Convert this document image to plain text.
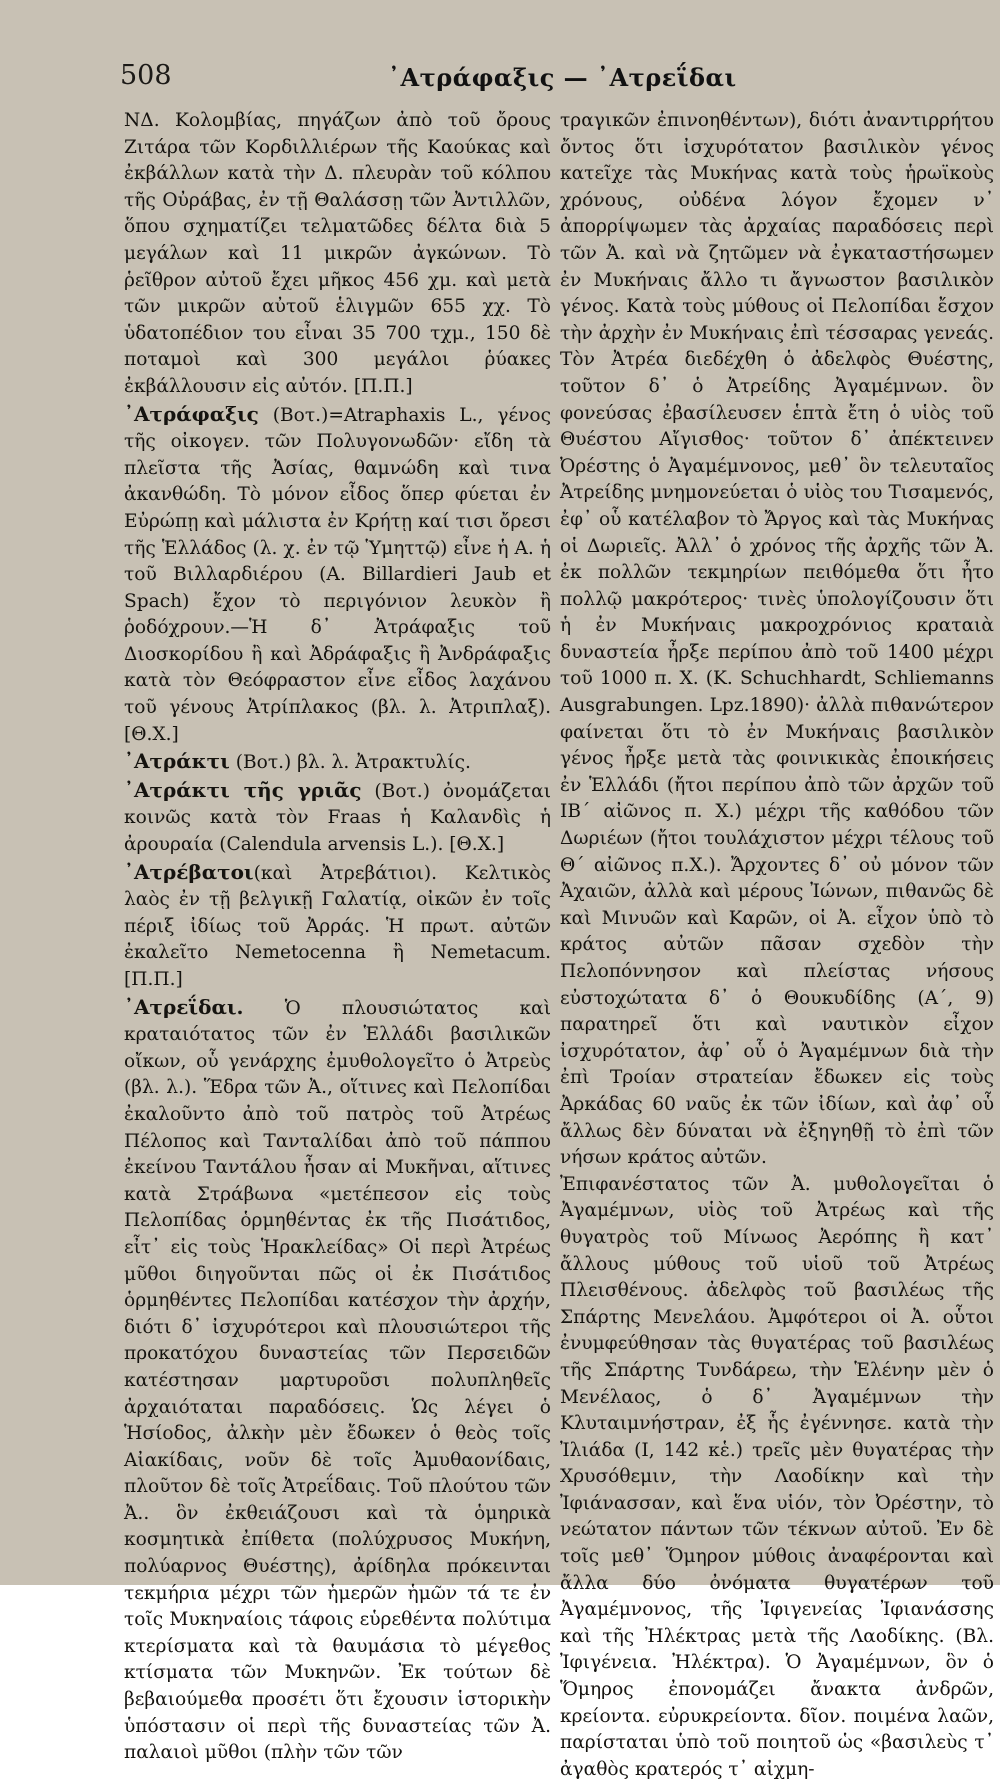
508	᾿Ατράφαξις — ᾿Ατρεΐδαι

ΝΔ. Κολομβίας, πηγάζων ἀπὸ τοῦ ὄρους Ζιτάρα τῶν Κορδιλλιέρων τῆς Καούκας καὶ ἐκβάλλων κατὰ τὴν Δ. πλευρὰν τοῦ κόλπου τῆς Οὐράβας, ἐν τῇ Θαλάσσῃ τῶν Ἀντιλλῶν, ὅπου σχηματίζει τελματῶδες δέλτα διὰ 5 μεγάλων καὶ 11 μικρῶν ἀγκώνων. Τὸ ῥεῖθρον αὐτοῦ ἔχει μῆκος 456 χμ. καὶ μετὰ τῶν μικρῶν αὐτοῦ ἑλιγμῶν 655 χχ. Τὸ ὑδατοπέδιον του εἶναι 35 700 τχμ., 150 δὲ ποταμοὶ καὶ 300 μεγάλοι ῥύακες ἐκβάλλουσιν εἰς αὐτόν. [Π.Π.]

᾿Ατράφαξις (Βοτ.)=Atraphaxis L., γένος τῆς οἰκογεν. τῶν Πολυγονωδῶν· εἴδη τὰ πλεῖστα τῆς Ἀσίας, θαμνώδη καὶ τινα ἀκανθώδη. Τὸ μόνον εἶδος ὅπερ φύεται ἐν Εὐρώπῃ καὶ μάλιστα ἐν Κρήτῃ καί τισι ὄρεσι τῆς Ἑλλάδος (λ. χ. ἐν τῷ Ὑμηττῷ) εἶνε ἡ Α. ἡ τοῦ Βιλλαρδιέρου (A. Billardieri Jaub et Spach) ἔχον τὸ περιγόνιον λευκὸν ἢ ῥοδόχρουν.—Ἡ δ᾽ Ἀτράφαξις τοῦ Διοσκορίδου ἢ καὶ Ἀδράφαξις ἢ Ἀνδράφαξις κατὰ τὸν Θεόφραστον εἶνε εἶδος λαχάνου τοῦ γένους Ἀτρίπλακος (βλ. λ. Ἀτριπλαξ). [Θ.Χ.]

᾿Ατράκτι (Βοτ.) βλ. λ. Ἀτρακτυλίς.

᾿Ατράκτι τῆς γριᾶς (Βοτ.) ὀνομάζεται κοινῶς κατὰ τὸν Fraas ἡ Καλανδὶς ἡ ἀρουραία (Calendula arvensis L.). [Θ.Χ.]

᾿Ατρέβατοι(καὶ Ἀτρεβάτιοι). Κελτικὸς λαὸς ἐν τῇ βελγικῇ Γαλατίᾳ, οἰκῶν ἐν τοῖς πέριξ ἰδίως τοῦ Ἀρράς. Ἡ πρωτ. αὐτῶν ἐκαλεῖτο Nemetocenna ἢ Nemetacum. [Π.Π.]

᾿Ατρεΐδαι. Ὁ πλουσιώτατος καὶ κραταιότατος τῶν ἐν Ἑλλάδι βασιλικῶν οἴκων, οὗ γενάρχης ἐμυθολογεῖτο ὁ Ἀτρεὺς (βλ. λ.). Ἕδρα τῶν Ἀ., οἵτινες καὶ Πελοπίδαι ἐκαλοῦντο ἀπὸ τοῦ πατρὸς τοῦ Ἀτρέως Πέλοπος καὶ Τανταλίδαι ἀπὸ τοῦ πάππου ἐκείνου Ταντάλου ἦσαν αἱ Μυκῆναι, αἵτινες κατὰ Στράβωνα «μετέπεσον εἰς τοὺς Πελοπίδας ὁρμηθέντας ἐκ τῆς Πισάτιδος, εἶτ᾽ εἰς τοὺς Ἡρακλείδας» Οἱ περὶ Ἀτρέως μῦθοι διηγοῦνται πῶς οἱ ἐκ Πισάτιδος ὁρμηθέντες Πελοπίδαι κατέσχον τὴν ἀρχήν, διότι δ᾽ ἰσχυρότεροι καὶ πλουσιώτεροι τῆς προκατόχου δυναστείας τῶν Περσειδῶν κατέστησαν μαρτυροῦσι πολυπληθεῖς ἀρχαιόταται παραδόσεις. Ὡς λέγει ὁ Ἡσίοδος, ἀλκὴν μὲν ἔδωκεν ὁ θεὸς τοῖς Αἰακίδαις, νοῦν δὲ τοῖς Ἀμυθαονίδαις, πλοῦτον δὲ τοῖς Ἀτρεΐδαις. Τοῦ πλούτου τῶν Ἀ.. ὃν ἐκθειάζουσι καὶ τὰ ὁμηρικὰ κοσμητικὰ ἐπίθετα (πολύχρυσος Μυκήνη, πολύαρνος Θυέστης), ἀρίδηλα πρόκεινται τεκμήρια μέχρι τῶν ἡμερῶν ἡμῶν τά τε ἐν τοῖς Μυκηναίοις τάφοις εὑρεθέντα πολύτιμα κτερίσματα καὶ τὰ θαυμάσια τὸ μέγεθος κτίσματα τῶν Μυκηνῶν. Ἐκ τούτων δὲ βεβαιούμεθα προσέτι ὅτι ἔχουσιν ἱστορικὴν ὑπόστασιν οἱ περὶ τῆς δυναστείας τῶν Ἀ. παλαιοὶ μῦθοι (πλὴν τῶν τῶν

τραγικῶν ἐπινοηθέντων), διότι ἀναντιρρήτου ὄντος ὅτι ἰσχυρότατον βασιλικὸν γένος κατεῖχε τὰς Μυκήνας κατὰ τοὺς ἡρωϊκοὺς χρόνους, οὐδένα λόγον ἔχομεν ν᾽ ἀπορρίψωμεν τὰς ἀρχαίας παραδόσεις περὶ τῶν Ἀ. καὶ νὰ ζητῶμεν νὰ ἐγκαταστήσωμεν ἐν Μυκήναις ἄλλο τι ἄγνωστον βασιλικὸν γένος. Κατὰ τοὺς μύθους οἱ Πελοπίδαι ἔσχον τὴν ἀρχὴν ἐν Μυκήναις ἐπὶ τέσσαρας γενεάς. Τὸν Ἀτρέα διεδέχθη ὁ ἀδελφὸς Θυέστης, τοῦτον δ᾽ ὁ Ἀτρείδης Ἀγαμέμνων. ὃν φονεύσας ἐβασίλευσεν ἑπτὰ ἔτη ὁ υἱὸς τοῦ Θυέστου Αἴγισθος· τοῦτον δ᾽ ἀπέκτεινεν Ὀρέστης ὁ Ἀγαμέμνονος, μεθ᾽ ὃν τελευταῖος Ἀτρείδης μνημονεύεται ὁ υἱὸς του Τισαμενός, ἐφ᾽ οὗ κατέλαβον τὸ Ἄργος καὶ τὰς Μυκήνας οἱ Δωριεῖς. Ἀλλ᾽ ὁ χρόνος τῆς ἀρχῆς τῶν Ἀ. ἐκ πολλῶν τεκμηρίων πειθόμεθα ὅτι ἦτο πολλῷ μακρότερος· τινὲς ὑπολογίζουσιν ὅτι ἡ ἐν Μυκήναις μακροχρόνιος κραταιὰ δυναστεία ἦρξε περίπου ἀπὸ τοῦ 1400 μέχρι τοῦ 1000 π. Χ. (K. Schuchhardt, Schliemanns Ausgrabungen. Lpz.1890)· ἀλλὰ πιθανώτερον φαίνεται ὅτι τὸ ἐν Μυκήναις βασιλικὸν γένος ἦρξε μετὰ τὰς φοινικικὰς ἐποικήσεις ἐν Ἑλλάδι (ἤτοι περίπου ἀπὸ τῶν ἀρχῶν τοῦ ΙΒ΄ αἰῶνος π. Χ.) μέχρι τῆς καθόδου τῶν Δωριέων (ἤτοι τουλάχιστον μέχρι τέλους τοῦ Θ΄ αἰῶνος π.Χ.). Ἄρχοντες δ᾽ οὐ μόνον τῶν Ἀχαιῶν, ἀλλὰ καὶ μέρους Ἰώνων, πιθανῶς δὲ καὶ Μινυῶν καὶ Καρῶν, οἱ Ἀ. εἶχον ὑπὸ τὸ κράτος αὐτῶν πᾶσαν σχεδὸν τὴν Πελοπόννησον καὶ πλείστας νήσους εὐστοχώτατα δ᾽ ὁ Θουκυδίδης (Α΄, 9) παρατηρεῖ ὅτι καὶ ναυτικὸν εἶχον ἰσχυρότατον, ἀφ᾽ οὗ ὁ Ἀγαμέμνων διὰ τὴν ἐπὶ Τροίαν στρατείαν ἔδωκεν εἰς τοὺς Ἀρκάδας 60 ναῦς ἐκ τῶν ἰδίων, καὶ ἀφ᾽ οὗ ἄλλως δὲν δύναται νὰ ἐξηγηθῇ τὸ ἐπὶ τῶν νήσων κράτος αὐτῶν.

Ἐπιφανέστατος τῶν Ἀ. μυθολογεῖται ὁ Ἀγαμέμνων, υἱὸς τοῦ Ἀτρέως καὶ τῆς θυγατρὸς τοῦ Μίνωος Ἀερόπης ἢ κατ᾽ ἄλλους μύθους τοῦ υἱοῦ τοῦ Ἀτρέως Πλεισθένους. ἀδελφὸς τοῦ βασιλέως τῆς Σπάρτης Μενελάου. Ἀμφότεροι οἱ Ἀ. οὗτοι ἐνυμφεύθησαν τὰς θυγατέρας τοῦ βασιλέως τῆς Σπάρτης Τυνδάρεω, τὴν Ἑλένην μὲν ὁ Μενέλαος, ὁ δ᾽ Ἀγαμέμνων τὴν Κλυταιμνήστραν, ἐξ ἧς ἐγέννησε. κατὰ τὴν Ἰλιάδα (Ι, 142 κἑ.) τρεῖς μὲν θυγατέρας τὴν Χρυσόθεμιν, τὴν Λαοδίκην καὶ τὴν Ἰφιάνασσαν, καὶ ἕνα υἱόν, τὸν Ὀρέστην, τὸ νεώτατον πάντων τῶν τέκνων αὐτοῦ. Ἐν δὲ τοῖς μεθ᾽ Ὅμηρον μύθοις ἀναφέρονται καὶ ἄλλα δύο ὀνόματα θυγατέρων τοῦ Ἀγαμέμνονος, τῆς Ἰφιγενείας Ἰφιανάσσης καὶ τῆς Ἠλέκτρας μετὰ τῆς Λαοδίκης. (Βλ. Ἰφιγένεια. Ἠλέκτρα). Ὁ Ἀγαμέμνων, ὃν ὁ Ὅμηρος ἐπονομάζει ἄνακτα ἀνδρῶν, κρείοντα. εὐρυκρείοντα. δῖον. ποιμένα λαῶν, παρίσταται ὑπὸ τοῦ ποιητοῦ ὡς «βασιλεὺς τ᾽ ἀγαθὸς κρατερός τ᾽ αἰχμη-
